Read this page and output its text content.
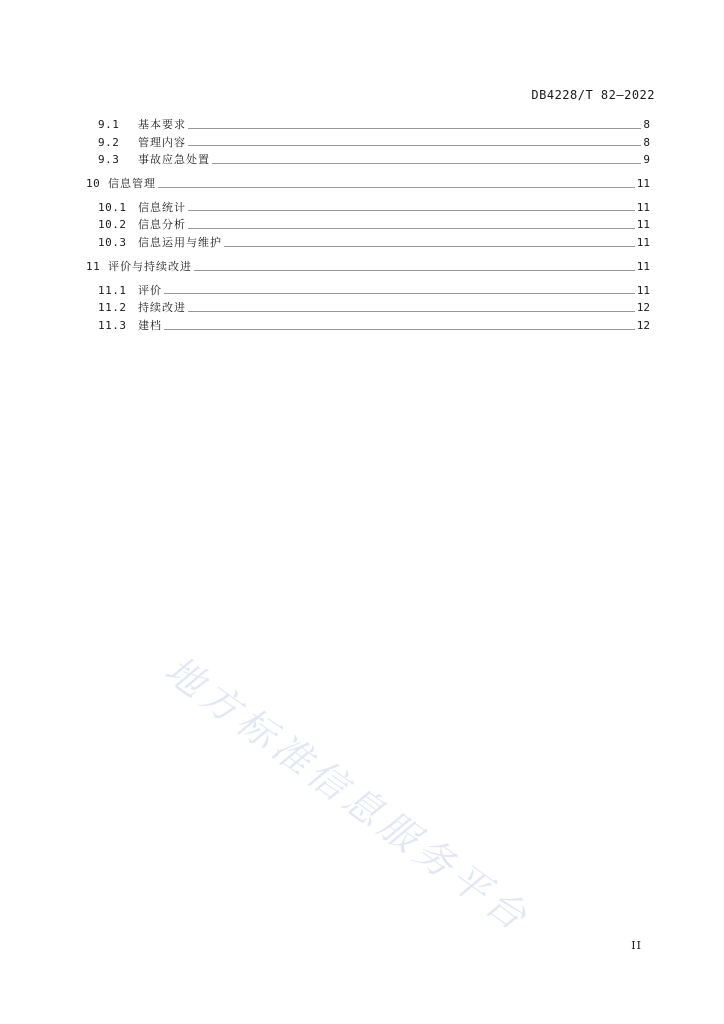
DB4228/T 82—2022
9.1	基本要求	8
9.2	管理内容	8
9.3	事故应急处置	9
10 信息管理	11
10.1	信息统计	11
10.2	信息分析	11
10.3	信息运用与维护	11
11 评价与持续改进	11
11.1	评价	11
11.2	持续改进	12
11.3	建档	12
地方标准信息服务平台
II
